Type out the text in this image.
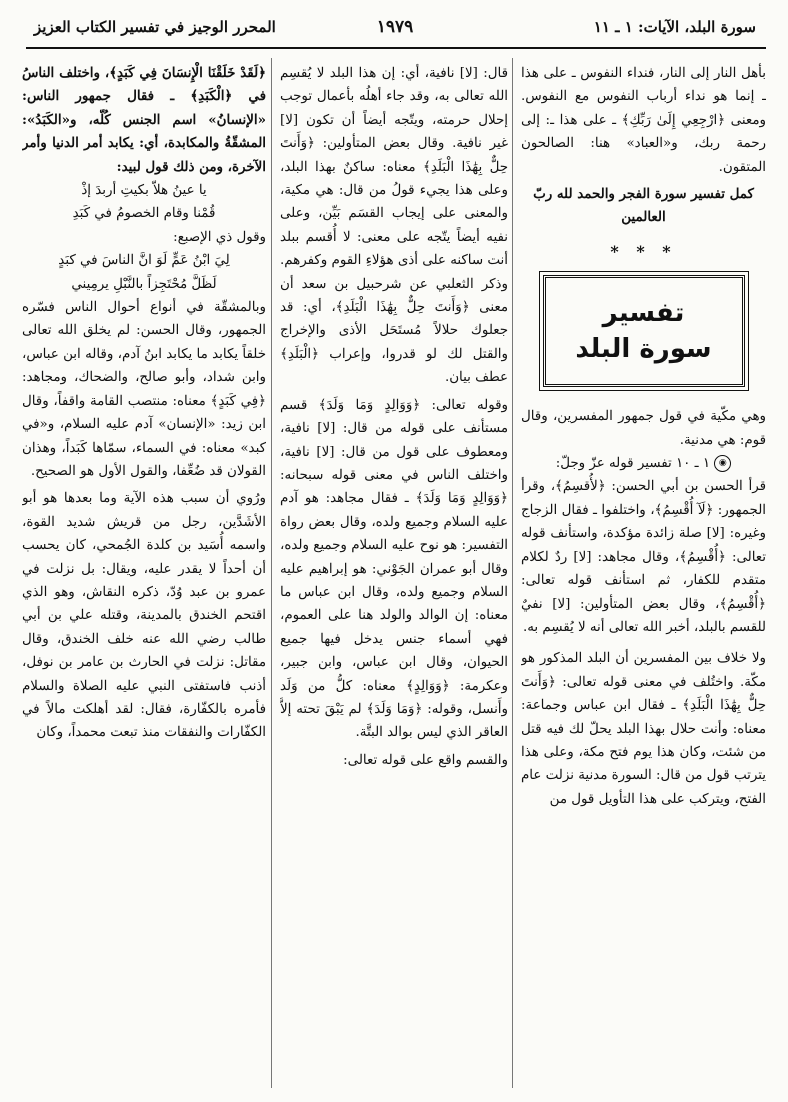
سورة البلد، الآيات: ١ ـ ١١
١٩٧٩
المحرر الوجيز في تفسير الكتاب العزيز

بأهل النار إلى النار، فنداء النفوس ـ على هذا ـ إنما هو نداء أرباب النفوس مع النفوس. ومعنى ﴿ارْجِعِي إِلَىٰ رَبِّكِ﴾ ـ على هذا ـ: إلى رحمة ربك، و«العباد» هنا: الصالحون المتقون.

كمل تفسير سورة الفجر والحمد لله ربّ العالمين

* * *
تفسير
سورة البلد

وهي مكّية في قول جمهور المفسرين، وقال قوم: هي مدنية.

◉ ١ ـ ١٠ تفسير قوله عزّ وجلّ:

قرأ الحسن بن أبي الحسن: ﴿لأُقسِمُ﴾، وقرأ الجمهور: ﴿لَآ أُقْسِمُ﴾، واختلفوا ـ فقال الزجاج وغيره: [لا] صلة زائدة مؤكدة، واستأنف قوله تعالى: ﴿أُقْسِمُ﴾، وقال مجاهد: [لا] ردٌ لكلام متقدم للكفار، ثم استأنف قوله تعالى: ﴿أُقْسِمُ﴾، وقال بعض المتأولين: [لا] نفيٌ للقسم بالبلد، أخبر الله تعالى أنه لا يُقسِم به.

ولا خلاف بين المفسرين أن البلد المذكور هو مكّة. واختُلف في معنى قوله تعالى: ﴿وَأَنتَ حِلٌّ بِهَٰذَا الْبَلَدِ﴾ ـ فقال ابن عباس وجماعة: معناه: وأنت حلال بهذا البلد يحلّ لك فيه قتل من شئت، وكان هذا يوم فتح مكة، وعلى هذا يترتب قول من قال: السورة مدنية نزلت عام الفتح، ويتركب على هذا التأويل قول من

قال: [لا] نافية، أي: إن هذا البلد لا يُقسِم الله تعالى به، وقد جاء أهلُه بأعمال توجب إحلال حرمته، ويتّجه أيضاً أن تكون [لا] غير نافية. وقال بعض المتأولين: ﴿وَأَنتَ حِلٌّ بِهَٰذَا الْبَلَدِ﴾ معناه: ساكنٌ بهذا البلد، وعلى هذا يجيء قولُ من قال: هي مكية، والمعنى على إيجاب القسَم بَيِّن، وعلى نفيه أيضاً يتّجه على معنى: لا أُقسم ببلد أنت ساكنه على أذى هؤلاءِ القوم وكفرهم. وذكر الثعلبي عن شرحبيل بن سعد أن معنى ﴿وَأَنتَ حِلٌّ بِهَٰذَا الْبَلَدِ﴾، أي: قد جعلوك حلالاً مُستَحَل الأذى والإخراج والقتل لك لو قدروا، وإعراب ﴿الْبَلَدِ﴾ عطف بيان.

وقوله تعالى: ﴿وَوَالِدٍ وَمَا وَلَدَ﴾ قسم مستأنف على قوله من قال: [لا] نافية، ومعطوف على قول من قال: [لا] نافية، واختلف الناس في معنى قوله سبحانه: ﴿وَوَالِدٍ وَمَا وَلَدَ﴾ ـ فقال مجاهد: هو آدم عليه السلام وجميع ولده، وقال بعض رواة التفسير: هو نوح عليه السلام وجميع ولده، وقال أبو عمران الجَوْني: هو إبراهيم عليه السلام وجميع ولده، وقال ابن عباس ما معناه: إن الوالد والولد هنا على العموم، فهي أسماء جنس يدخل فيها جميع الحيوان، وقال ابن عباس، وابن جبير، وعكرمة: ﴿وَوَالِدٍ﴾ معناه: كلُّ من وَلَد وأَنسل، وقوله: ﴿وَمَا وَلَدَ﴾ لم يَبْقَ تحته إلاَّ العاقر الذي ليس بوالد البتَّة.

والقسم واقع على قوله تعالى:

﴿لَقَدْ خَلَقْنَا الْإِنسَانَ فِي كَبَدٍ﴾، واختلف الناسُ في ﴿الْكَبَدِ﴾ ـ فقال جمهور الناس: «الإنسانُ» اسم الجنس كُلّه، و«الكَبَدُ»: المشقّةُ والمكابدة، أي: يكابد أمر الدنيا وأمر الآخرة، ومن ذلك قول لبيد:

يا عينُ هلاّ بكيتِ أربدَ إذْ

قُمْنا وقام الخصومُ في كَبَدِ

وقول ذي الإصبع:

لِيَ ابْنُ عَمٍّ لَوَ انَّ الناسَ في كبَدٍ

لَظَلَّ مُحْتَجِزاً بالنَّبْلِ يرمِيني

وبالمشقّة في أنواع أحوال الناس فسّره الجمهور، وقال الحسن: لم يخلق الله تعالى خلقاً يكابد ما يكابد ابنُ آدم، وقاله ابن عباس، وابن شداد، وأبو صالح، والضحاك، ومجاهد: ﴿فِي كَبَدٍ﴾ معناه: منتصب القامة واقفاً، وقال ابن زيد: «الإنسان» آدم عليه السلام، و«في كبد» معناه: في السماء، سمّاها كَبَداً، وهذان القولان قد ضُعِّفا، والقول الأول هو الصحيح.

ورُوي أن سبب هذه الآية وما بعدها هو أبو الأشَدَّين، رجل من قريش شديد القوة، واسمه أُسَيد بن كلدة الجُمحي، كان يحسب أن أحداً لا يقدر عليه، ويقال: بل نزلت في عمرو بن عبد وُدّ، ذكره النقاش، وهو الذي اقتحم الخندق بالمدينة، وقتله علي بن أبي طالب رضي الله عنه خلف الخندق، وقال مقاتل: نزلت في الحارث بن عامر بن نوفل، أذنب فاستفتى النبي عليه الصلاة والسلام فأمره بالكفّارة، فقال: لقد أهلكت مالاً في الكفّارات والنفقات منذ تبعت محمداً، وكان
